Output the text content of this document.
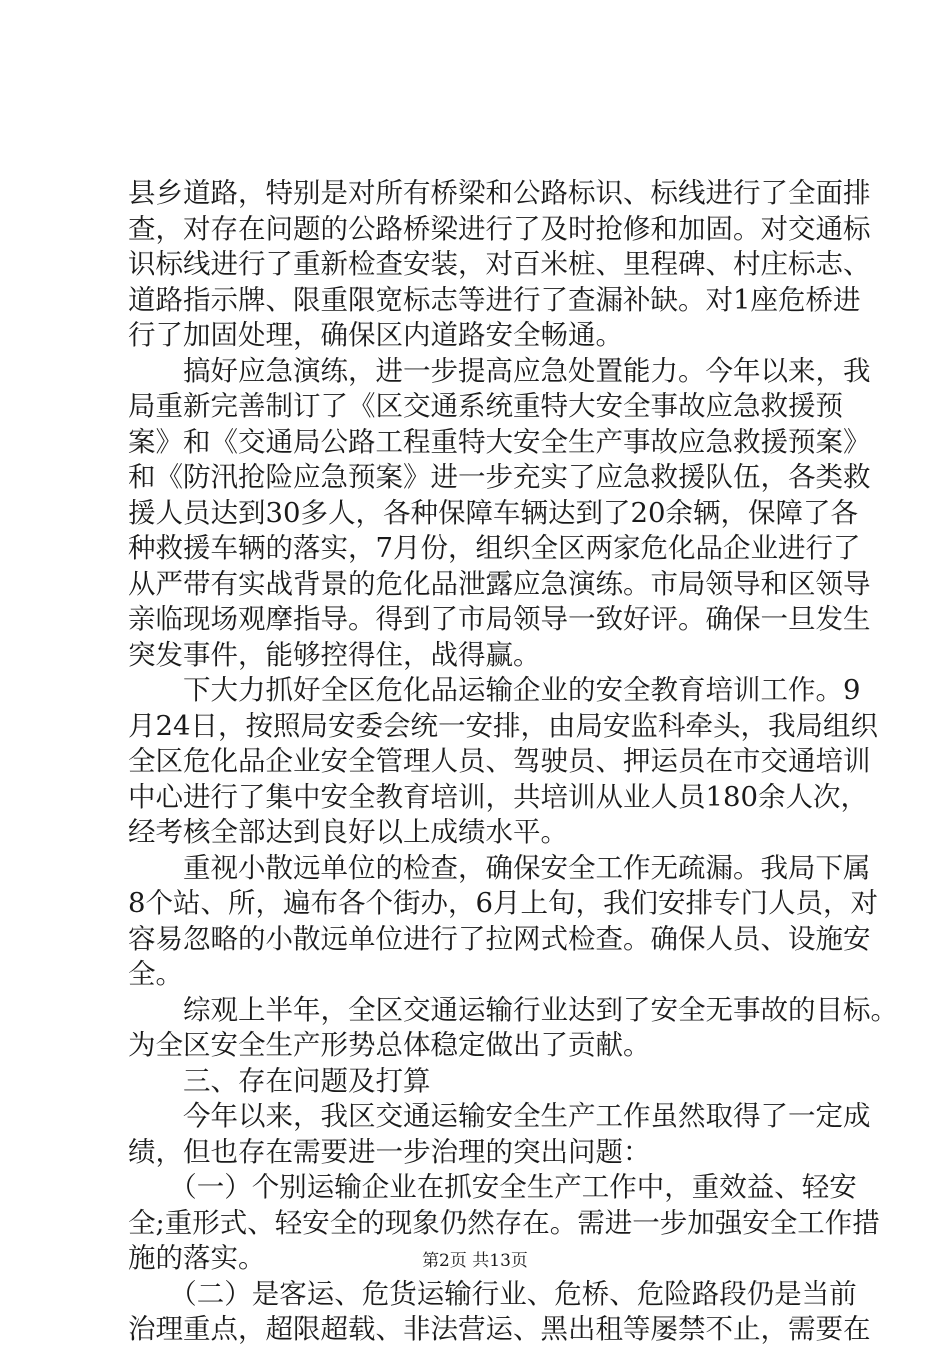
县乡道路，特别是对所有桥梁和公路标识、标线进行了全面排
查，对存在问题的公路桥梁进行了及时抢修和加固。对交通标
识标线进行了重新检查安装，对百米桩、里程碑、村庄标志、
道路指示牌、限重限宽标志等进行了查漏补缺。对1座危桥进
行了加固处理，确保区内道路安全畅通。
　　搞好应急演练，进一步提高应急处置能力。今年以来，我
局重新完善制订了《区交通系统重特大安全事故应急救援预
案》和《交通局公路工程重特大安全生产事故应急救援预案》
和《防汛抢险应急预案》进一步充实了应急救援队伍，各类救
援人员达到30多人，各种保障车辆达到了20余辆，保障了各
种救援车辆的落实，7月份，组织全区两家危化品企业进行了
从严带有实战背景的危化品泄露应急演练。市局领导和区领导
亲临现场观摩指导。得到了市局领导一致好评。确保一旦发生
突发事件，能够控得住，战得赢。
　　下大力抓好全区危化品运输企业的安全教育培训工作。9
月24日，按照局安委会统一安排，由局安监科牵头，我局组织
全区危化品企业安全管理人员、驾驶员、押运员在市交通培训
中心进行了集中安全教育培训，共培训从业人员180余人次，
经考核全部达到良好以上成绩水平。
　　重视小散远单位的检查，确保安全工作无疏漏。我局下属
8个站、所，遍布各个街办，6月上旬，我们安排专门人员，对
容易忽略的小散远单位进行了拉网式检查。确保人员、设施安
全。
　　综观上半年，全区交通运输行业达到了安全无事故的目标。
为全区安全生产形势总体稳定做出了贡献。
　　三、存在问题及打算
　　今年以来，我区交通运输安全生产工作虽然取得了一定成
绩，但也存在需要进一步治理的突出问题：
　　（一）个别运输企业在抓安全生产工作中，重效益、轻安
全;重形式、轻安全的现象仍然存在。需进一步加强安全工作措
施的落实。
　　（二）是客运、危货运输行业、危桥、危险路段仍是当前
治理重点，超限超载、非法营运、黑出租等屡禁不止，需要在
第2页 共13页
